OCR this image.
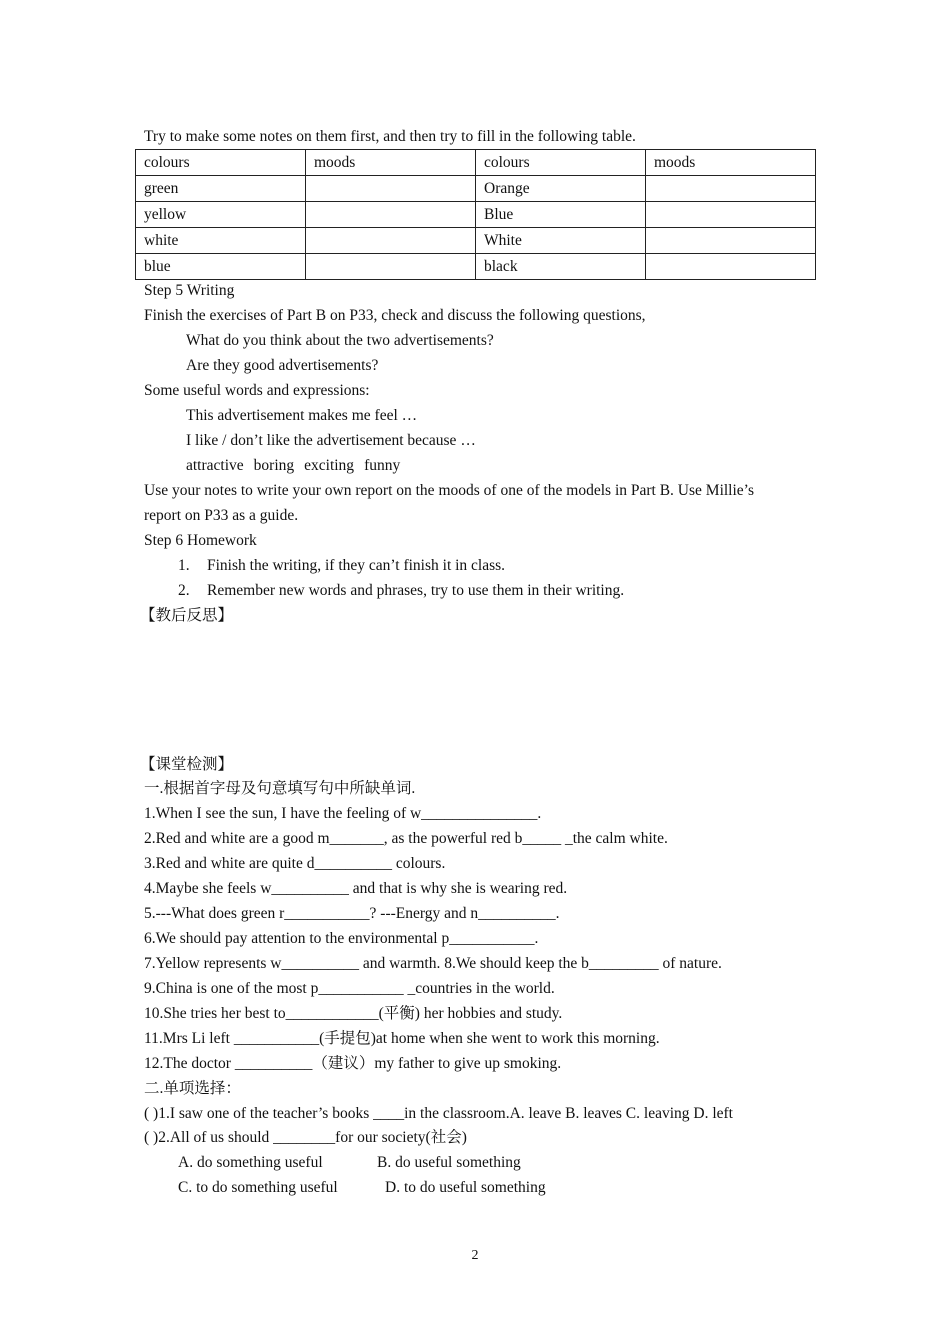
Try to make some notes on them first, and then try to fill in the following table.
colours	moods	colours	moods
green		Orange	
yellow		Blue	
white		White	
blue		black	
Step 5 Writing
Finish the exercises of Part B on P33, check and discuss the following questions,
What do you think about the two advertisements?
Are they good advertisements?
Some useful words and expressions:
This advertisement makes me feel …
I like / don’t like the advertisement because …
attractive boring exciting funny
Use your notes to write your own report on the moods of one of the models in Part B. Use Millie’s
report on P33 as a guide.
Step 6 Homework
1. Finish the writing, if they can’t finish it in class.
2. Remember new words and phrases, try to use them in their writing.
【教后反思】
【课堂检测】
一.根据首字母及句意填写句中所缺单词.
1.When I see the sun, I have the feeling of w_______________.
2.Red and white are a good m_______, as the powerful red b_____ _the calm white.
3.Red and white are quite d__________ colours.
4.Maybe she feels w__________ and that is why she is wearing red.
5.---What does green r___________? ---Energy and n__________.
6.We should pay attention to the environmental p___________.
7.Yellow represents w__________ and warmth. 8.We should keep the b_________ of nature.
9.China is one of the most p___________ _countries in the world.
10.She tries her best to____________(平衡) her hobbies and study.
11.Mrs Li left ___________(手提包)at home when she went to work this morning.
12.The doctor __________（建议）my father to give up smoking.
二.单项选择：
( )1.I saw one of the teacher’s books ____in the classroom.A. leave B. leaves C. leaving D. left
( )2.All of us should ________for our society(社会)
A. do something useful	B. do useful something
C. to do something useful	D. to do useful something
2
